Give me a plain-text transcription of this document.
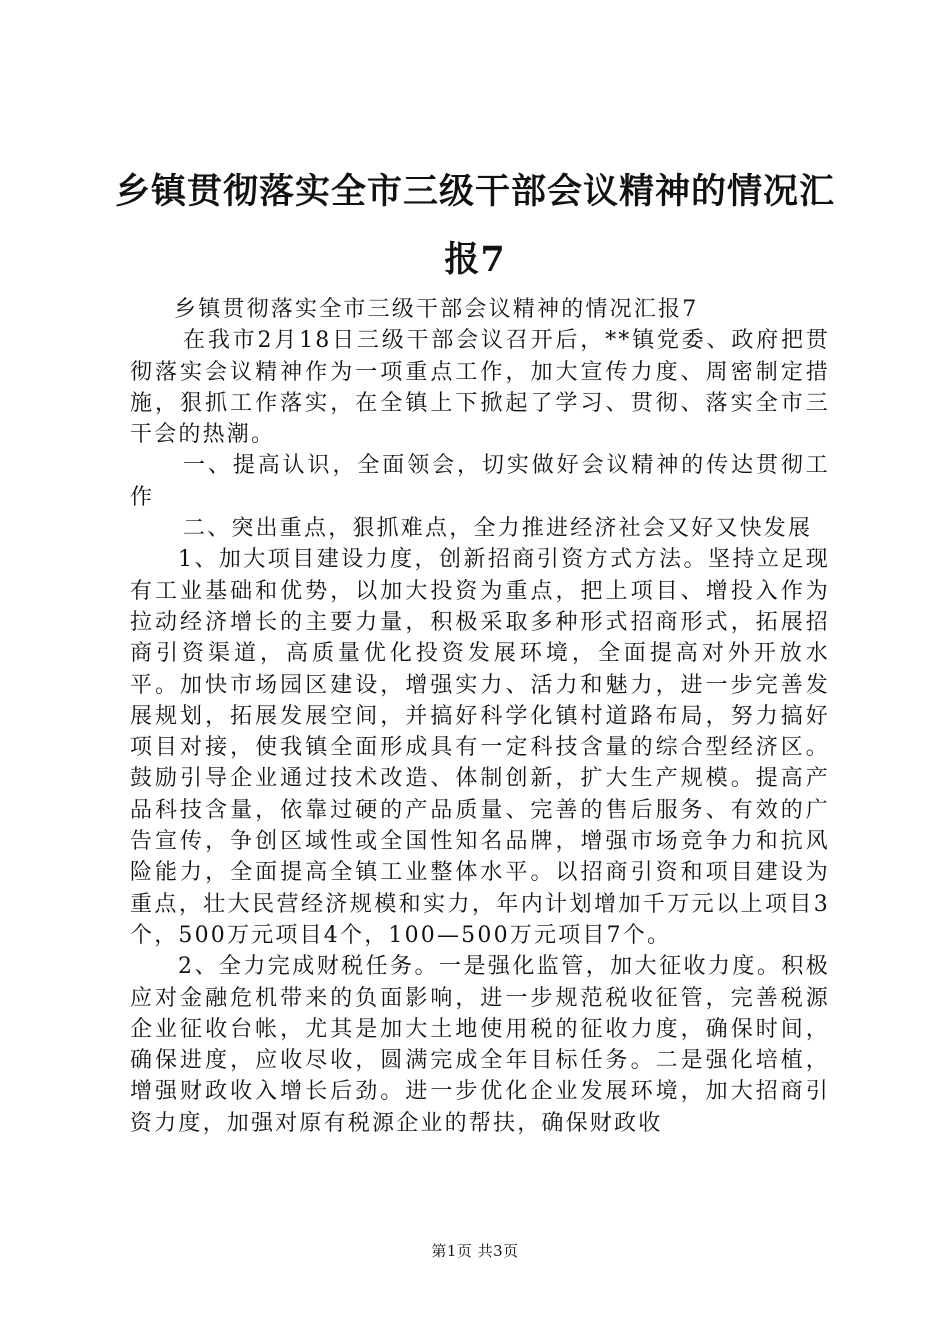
乡镇贯彻落实全市三级干部会议精神的情况汇报7

乡镇贯彻落实全市三级干部会议精神的情况汇报7

在我市2月18日三级干部会议召开后，**镇党委、政府把贯彻落实会议精神作为一项重点工作，加大宣传力度、周密制定措施，狠抓工作落实，在全镇上下掀起了学习、贯彻、落实全市三干会的热潮。

一、提高认识，全面领会，切实做好会议精神的传达贯彻工作

二、突出重点，狠抓难点，全力推进经济社会又好又快发展

1、加大项目建设力度，创新招商引资方式方法。坚持立足现有工业基础和优势，以加大投资为重点，把上项目、增投入作为拉动经济增长的主要力量，积极采取多种形式招商形式，拓展招商引资渠道，高质量优化投资发展环境，全面提高对外开放水平。加快市场园区建设，增强实力、活力和魅力，进一步完善发展规划，拓展发展空间，并搞好科学化镇村道路布局，努力搞好项目对接，使我镇全面形成具有一定科技含量的综合型经济区。鼓励引导企业通过技术改造、体制创新，扩大生产规模。提高产品科技含量，依靠过硬的产品质量、完善的售后服务、有效的广告宣传，争创区域性或全国性知名品牌，增强市场竞争力和抗风险能力，全面提高全镇工业整体水平。以招商引资和项目建设为重点，壮大民营经济规模和实力，年内计划增加千万元以上项目3个，500万元项目4个，100—500万元项目7个。

2、全力完成财税任务。一是强化监管，加大征收力度。积极应对金融危机带来的负面影响，进一步规范税收征管，完善税源企业征收台帐，尤其是加大土地使用税的征收力度，确保时间，确保进度，应收尽收，圆满完成全年目标任务。二是强化培植，增强财政收入增长后劲。进一步优化企业发展环境，加大招商引资力度，加强对原有税源企业的帮扶，确保财政收

第1页 共3页
